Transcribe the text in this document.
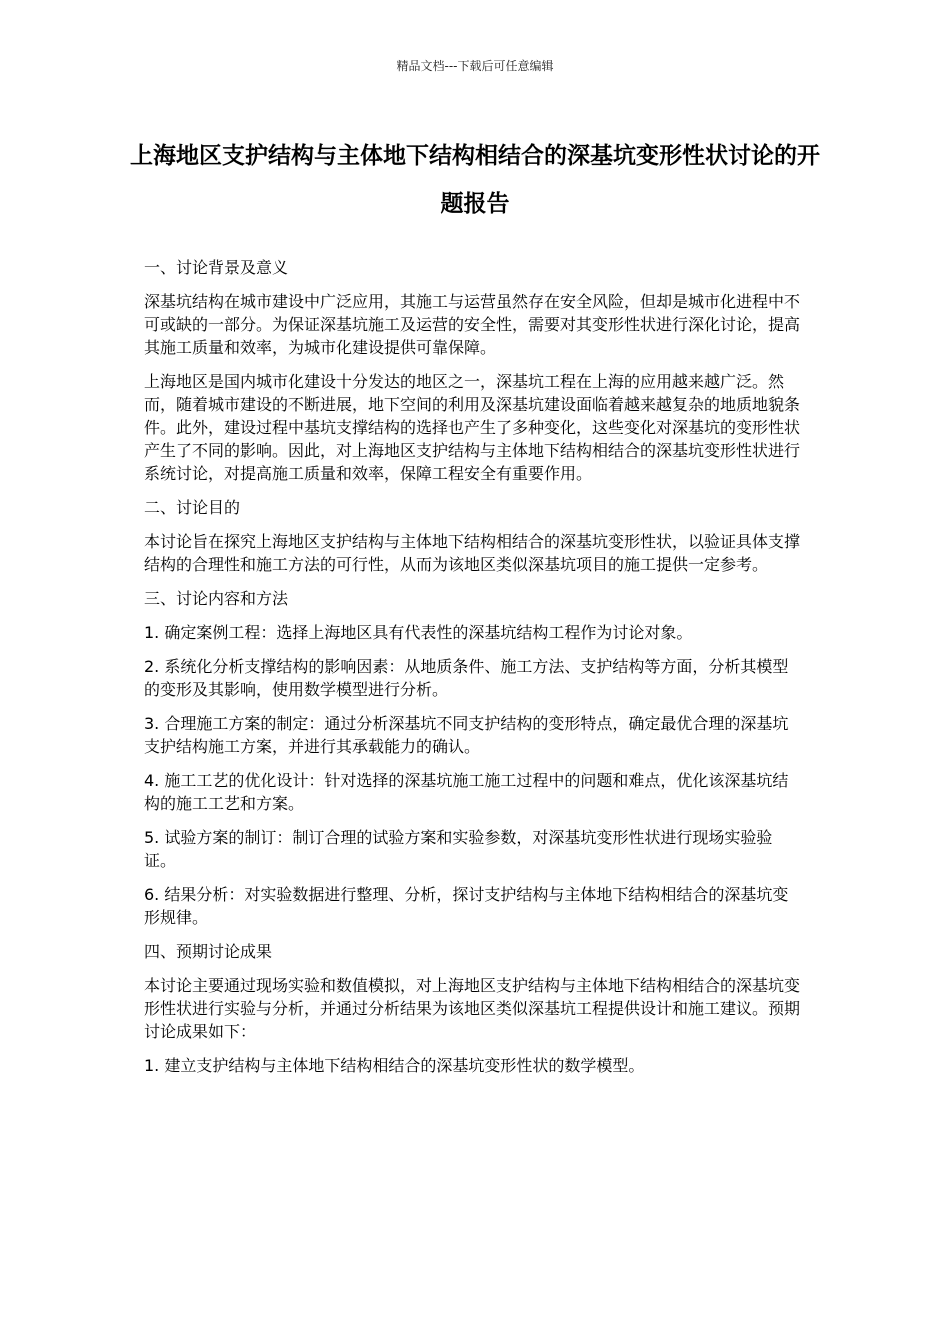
精品文档---下载后可任意编辑
上海地区支护结构与主体地下结构相结合的深基坑变形性状讨论的开题报告

一、讨论背景及意义

深基坑结构在城市建设中广泛应用，其施工与运营虽然存在安全风险，但却是城市化进程中不可或缺的一部分。为保证深基坑施工及运营的安全性，需要对其变形性状进行深化讨论，提高其施工质量和效率，为城市化建设提供可靠保障。

上海地区是国内城市化建设十分发达的地区之一，深基坑工程在上海的应用越来越广泛。然而，随着城市建设的不断进展，地下空间的利用及深基坑建设面临着越来越复杂的地质地貌条件。此外，建设过程中基坑支撑结构的选择也产生了多种变化，这些变化对深基坑的变形性状产生了不同的影响。因此，对上海地区支护结构与主体地下结构相结合的深基坑变形性状进行系统讨论，对提高施工质量和效率，保障工程安全有重要作用。

二、讨论目的

本讨论旨在探究上海地区支护结构与主体地下结构相结合的深基坑变形性状，以验证具体支撑结构的合理性和施工方法的可行性，从而为该地区类似深基坑项目的施工提供一定参考。

三、讨论内容和方法

1. 确定案例工程：选择上海地区具有代表性的深基坑结构工程作为讨论对象。

2. 系统化分析支撑结构的影响因素：从地质条件、施工方法、支护结构等方面，分析其模型的变形及其影响，使用数学模型进行分析。

3. 合理施工方案的制定：通过分析深基坑不同支护结构的变形特点，确定最优合理的深基坑支护结构施工方案，并进行其承载能力的确认。

4. 施工工艺的优化设计：针对选择的深基坑施工施工过程中的问题和难点，优化该深基坑结构的施工工艺和方案。

5. 试验方案的制订：制订合理的试验方案和实验参数，对深基坑变形性状进行现场实验验证。

6. 结果分析：对实验数据进行整理、分析，探讨支护结构与主体地下结构相结合的深基坑变形规律。

四、预期讨论成果

本讨论主要通过现场实验和数值模拟，对上海地区支护结构与主体地下结构相结合的深基坑变形性状进行实验与分析，并通过分析结果为该地区类似深基坑工程提供设计和施工建议。预期讨论成果如下：

1. 建立支护结构与主体地下结构相结合的深基坑变形性状的数学模型。
